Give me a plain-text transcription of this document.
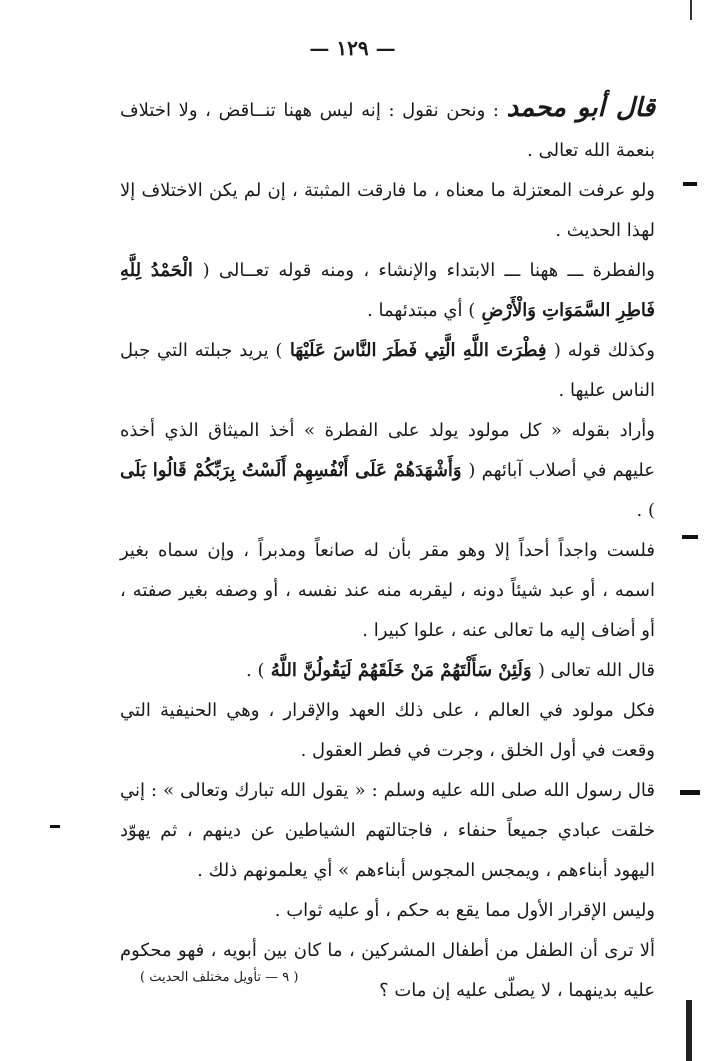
— ١٢٩ —

قال أبو محمد : ونحن نقول : إنه ليس ههنا تنــاقض ، ولا اختلاف بنعمة الله تعالى .

ولو عرفت المعتزلة ما معناه ، ما فارقت المثبتة ، إن لم يكن الاختلاف إلا لهذا الحديث .

والفطرة ـــ ههنا ـــ الابتداء والإنشاء ، ومنه قوله تعــالى ( الْحَمْدُ لِلَّهِ فَاطِرِ السَّمَوَاتِ وَالْأَرْضِ ) أي مبتدئهما .

وكذلك قوله ( فِطْرَتَ اللَّهِ الَّتِي فَطَرَ النَّاسَ عَلَيْهَا ) يريد جبلته التي جبل الناس عليها .

وأراد بقوله « كل مولود يولد على الفطرة » أخذ الميثاق الذي أخذه عليهم في أصلاب آبائهم ( وَأَشْهَدَهُمْ عَلَى أَنْفُسِهِمْ أَلَسْتُ بِرَبِّكُمْ قَالُوا بَلَى ) .

فلست واجداً أحداً إلا وهو مقر بأن له صانعاً ومدبراً ، وإن سماه بغير اسمه ، أو عبد شيئاً دونه ، ليقربه منه عند نفسه ، أو وصفه بغير صفته ، أو أضاف إليه ما تعالى عنه ، علوا كبيرا .

قال الله تعالى ( وَلَئِنْ سَأَلْتَهُمْ مَنْ خَلَقَهُمْ لَيَقُولُنَّ اللَّهُ ) .

فكل مولود في العالم ، على ذلك العهد والإقرار ، وهي الحنيفية التي وقعت في أول الخلق ، وجرت في فطر العقول .

قال رسول الله صلى الله عليه وسلم : « يقول الله تبارك وتعالى » : إني خلقت عبادي جميعاً حنفاء ، فاجتالتهم الشياطين عن دينهم ، ثم يهوّد اليهود أبناءهم ، ويمجس المجوس أبناءهم » أي يعلمونهم ذلك .

وليس الإقرار الأول مما يقع به حكم ، أو عليه ثواب .

ألا ترى أن الطفل من أطفال المشركين ، ما كان بين أبويه ، فهو محكوم عليه بدينهما ، لا يصلّى عليه إن مات ؟

( ٩ — تأويل مختلف الحديث )
